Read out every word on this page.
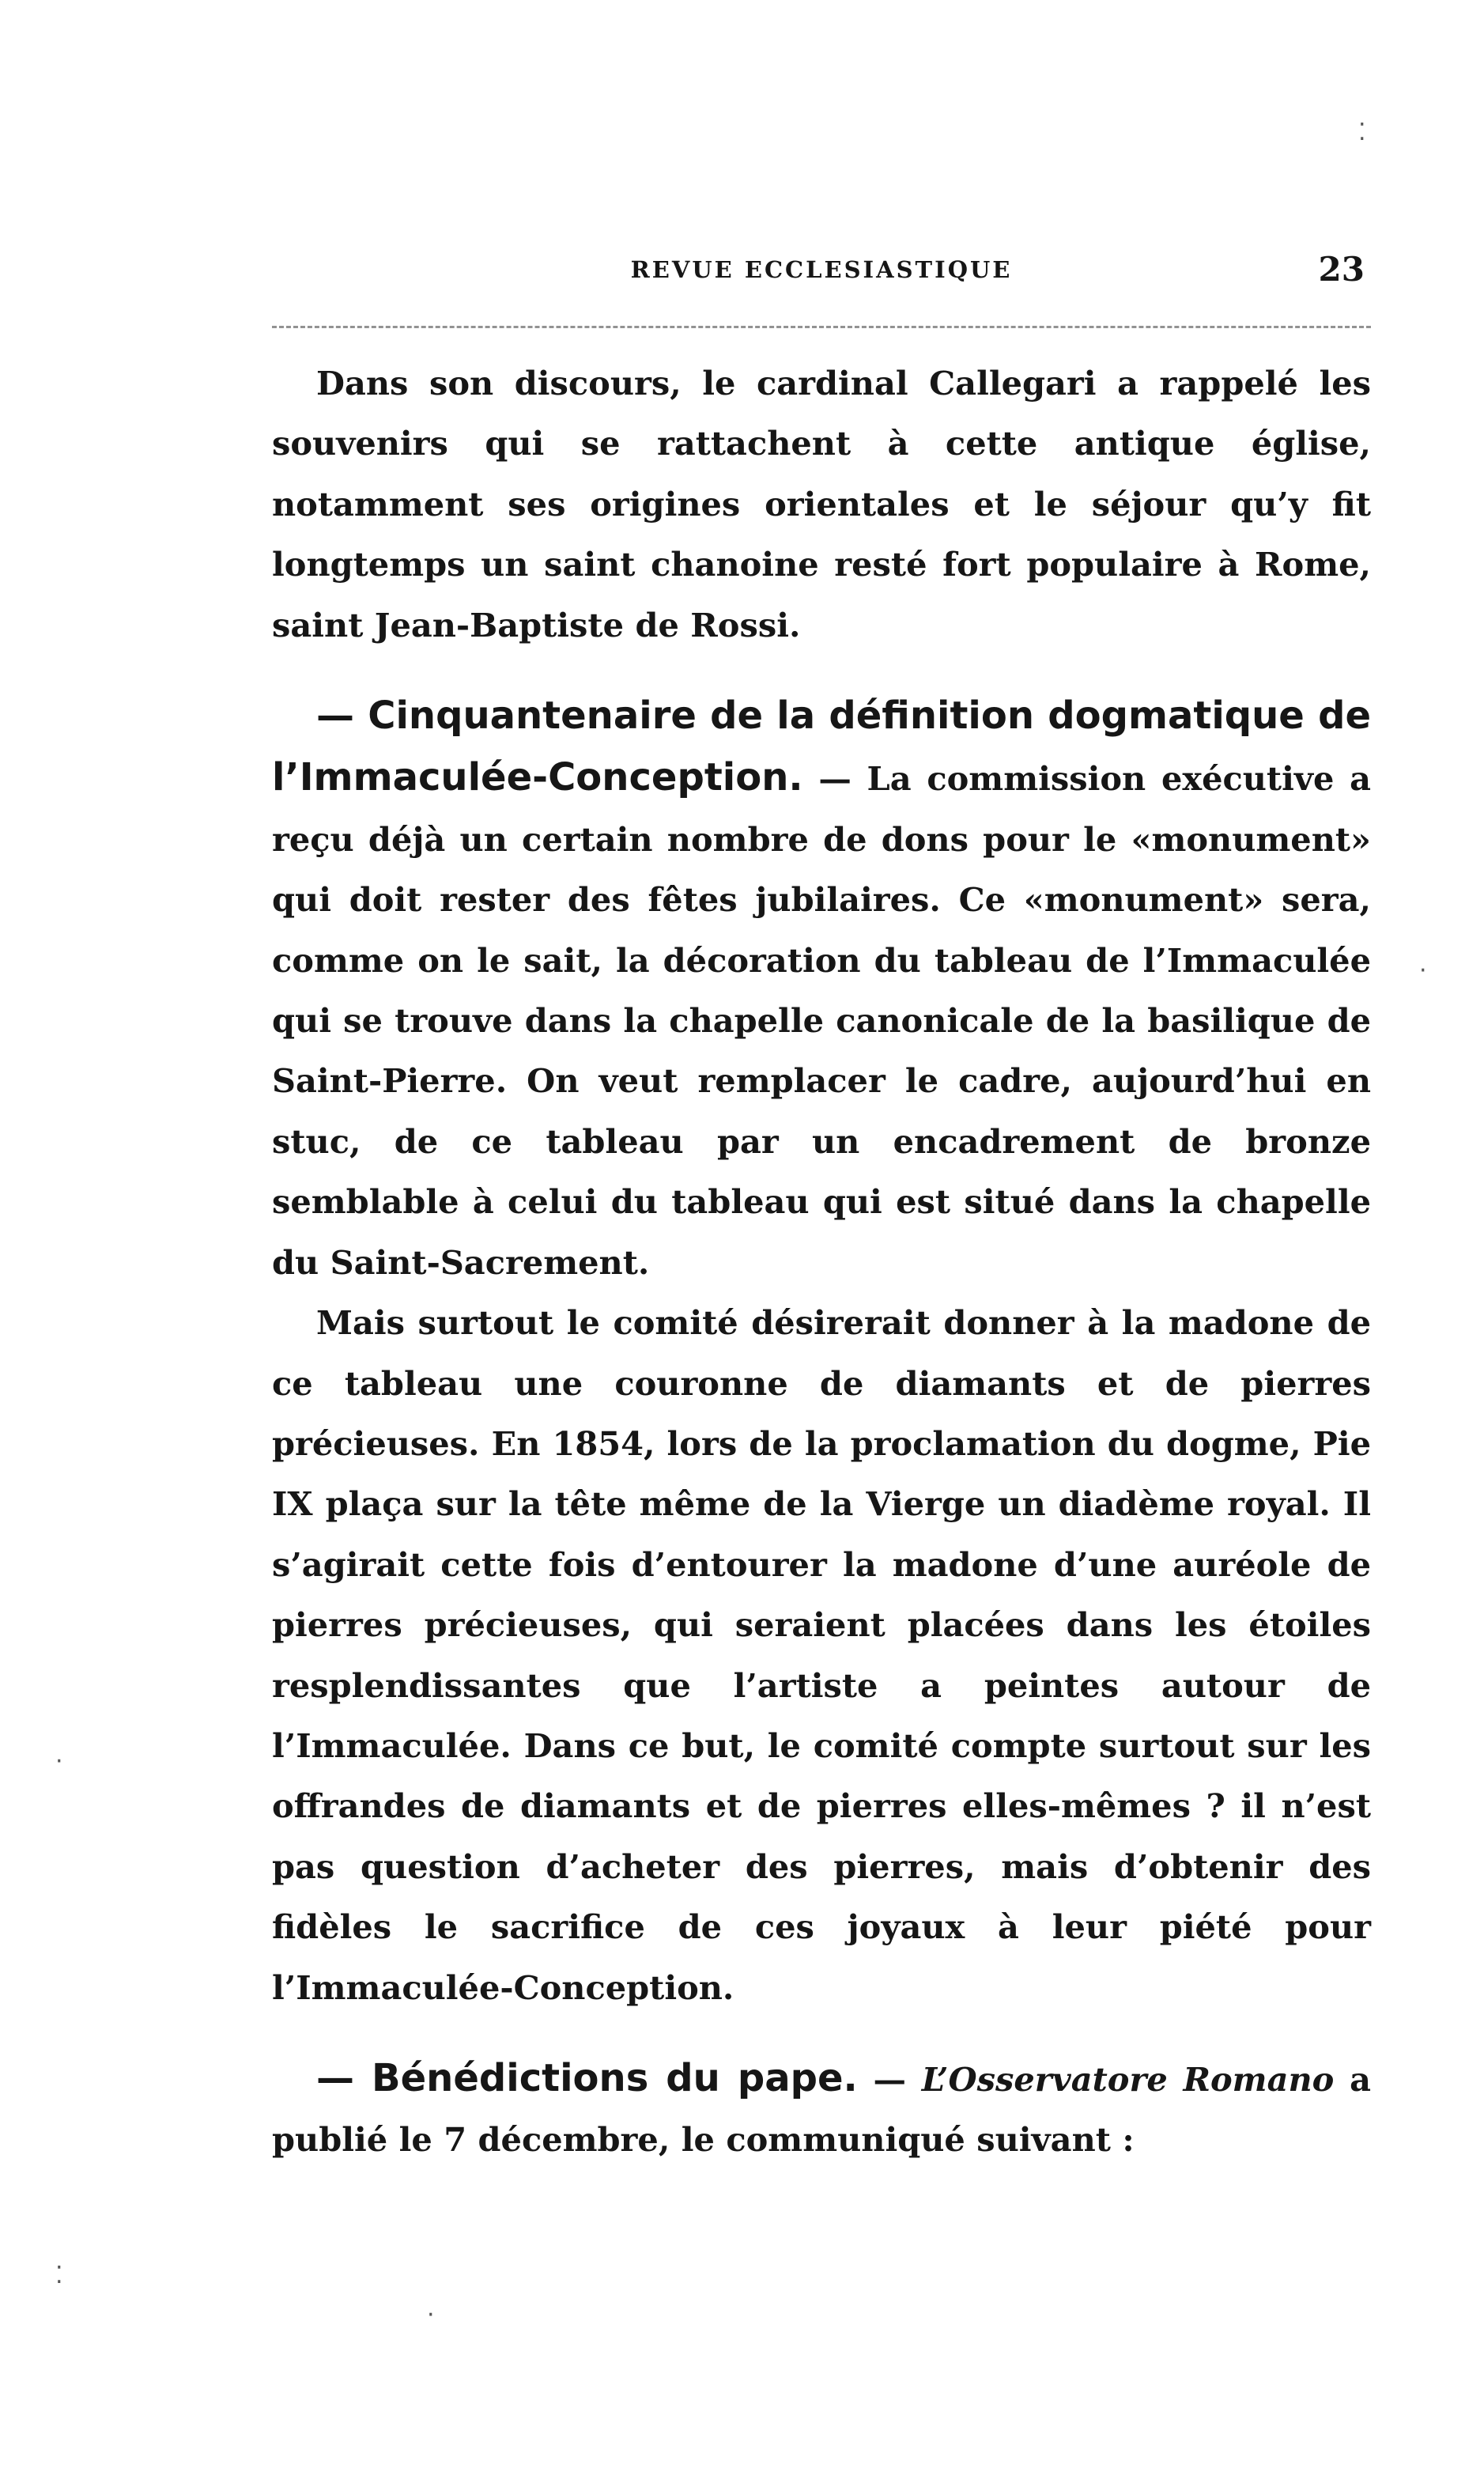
REVUE ECCLESIASTIQUE	23

Dans son discours, le cardinal Callegari a rappelé les souvenirs qui se rattachent à cette antique église, notamment ses origines orientales et le séjour qu’y fit longtemps un saint chanoine resté fort populaire à Rome, saint Jean-Baptiste de Rossi.

— Cinquantenaire de la définition dogmatique de l’Immaculée-Conception. — La commission exécutive a reçu déjà un certain nombre de dons pour le «monument» qui doit rester des fêtes jubilaires. Ce «monument» sera, comme on le sait, la décoration du tableau de l’Immaculée qui se trouve dans la chapelle canonicale de la basilique de Saint-Pierre. On veut remplacer le cadre, aujourd’hui en stuc, de ce tableau par un encadrement de bronze semblable à celui du tableau qui est situé dans la chapelle du Saint-Sacrement.

Mais surtout le comité désirerait donner à la madone de ce tableau une couronne de diamants et de pierres précieuses. En 1854, lors de la proclamation du dogme, Pie IX plaça sur la tête même de la Vierge un diadème royal. Il s’agirait cette fois d’entourer la madone d’une auréole de pierres précieuses, qui seraient placées dans les étoiles resplendissantes que l’artiste a peintes autour de l’Immaculée. Dans ce but, le comité compte surtout sur les offrandes de diamants et de pierres elles-mêmes ? il n’est pas question d’acheter des pierres, mais d’obtenir des fidèles le sacrifice de ces joyaux à leur piété pour l’Immaculée-Conception.

— Bénédictions du pape. — L’Osservatore Romano a publié le 7 décembre, le communiqué suivant :

⁚
·
·
⁚
·
